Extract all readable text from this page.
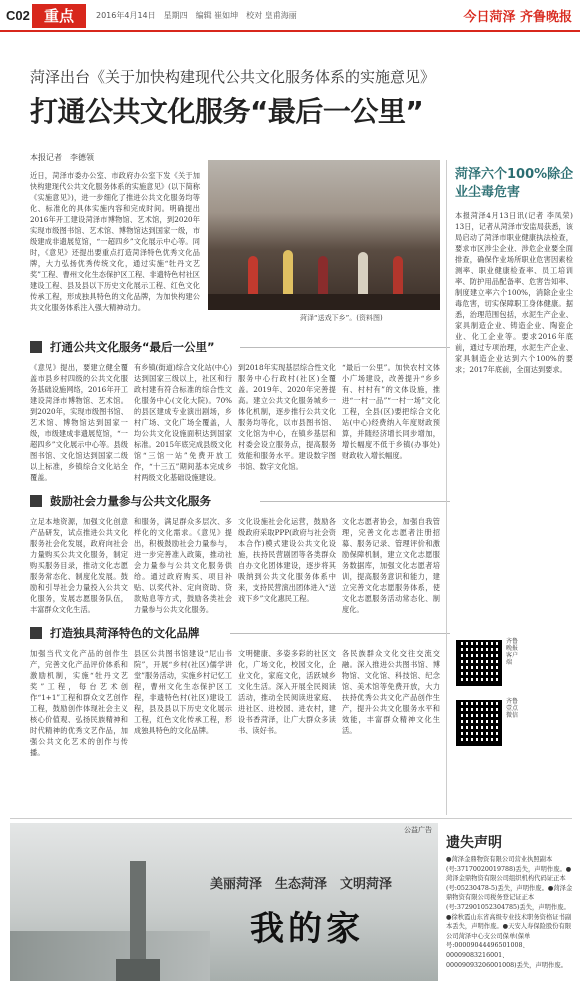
C02 重点	2016年4月14日　星期四　编辑 崔如坤　校对 皇甫海丽	今日菏泽 齐鲁晚报
菏泽出台《关于加快构建现代公共文化服务体系的实施意见》
打通公共文化服务“最后一公里”
本报记者　李德领
近日，菏泽市委办公室、市政府办公室下发《关于加快构建现代公共文化服务体系的实施意见》(以下简称《实施意见》)，进一步细化了推进公共文化服务均等化、标准化的具体实施内容和完成时间。明确提出2016年开工建设菏泽市博物馆、艺术馆，到2020年实现市级图书馆、艺术馆、博物馆达到国家一级，市级建成非遗展览馆，“一超四乡”文化展示中心等。同时，《意见》还提出要重点打造菏泽特色优秀文化品牌，大力弘扬优秀传统文化，通过实施“牡丹文艺奖”工程、曹州文化生态保护区工程、非遗特色村社区建设工程、县及县以下历史文化展示工程、红色文化传承工程，形成独具特色的文化品牌，为加快构建公共文化服务体系注入强大精神动力。
菏泽“送戏下乡”。(资料图)
打通公共文化服务“最后一公里”
《意见》提出，要建立健全覆盖市县乡村四级的公共文化服务基础设施网络，2016年开工建设菏泽市博物馆、艺术馆。到2020年，实现市级图书馆、艺术馆、博物馆达到国家一级，市级建成非遗展览馆，“一超四乡”文化展示中心等。县级图书馆、文化馆达到国家二级以上标准，乡镇综合文化站全覆盖。
有乡镇(街道)综合文化站(中心)达到国家三级以上，社区和行政村建有符合标准的综合性文化服务中心(文化大院)。70%的县区建成专业演出剧场，乡村广场、文化广场全覆盖，人均公共文化设施面积达到国家标准。2015年底完成县级文化馆“三馆一站”免费开放工作，“十三五”期间基本完成乡村两级文化基础设施建设。
到2018年实现基层综合性文化服务中心行政村(社区)全覆盖。2019年、2020年完善提高。建立公共文化服务城乡一体化机制，逐步推行公共文化服务均等化，以市县图书馆、文化馆为中心，在镇乡基层和村委会设立服务点，提高服务效能和服务水平。建设数字图书馆、数字文化馆。
“最后一公里”。加快农村文体小广场建设，改善提升“乡乡有、村村有”的文体设施，推进“一村一品”“一村一场”文化工程，全县(区)要把综合文化站(中心)经费纳入年度财政预算，并随经济增长同步增加，增长幅度不低于乡镇(办事处)财政收入增长幅度。
鼓励社会力量参与公共文化服务
立足本地资源，加强文化创意产品研发，试点推进公共文化服务社会化发展，政府向社会力量购买公共文化服务，制定购买服务目录，推动文化志愿服务常态化、制度化发展。鼓励和引导社会力量投入公共文化服务，发展志愿服务队伍，丰富群众文化生活。
和服务，满足群众多层次、多样化的文化需求。《意见》提出，积极鼓励社会力量参与，进一步完善准入政策，推动社会力量参与公共文化服务供给。通过政府购买、项目补贴、以奖代补、定向资助、贷款贴息等方式，鼓励各类社会力量参与公共文化服务。
文化设施社会化运营，鼓励各级政府采取PPP(政府与社会资本合作)模式建设公共文化设施，扶持民营剧团等各类群众自办文化团体建设，逐步将其吸纳到公共文化服务体系中来，支持民营演出团体进入“送戏下乡”文化惠民工程。
文化志愿者协会，加强自我管理，完善文化志愿者注册招募、服务记录、管理评价和激励保障机制，建立文化志愿服务数据库，加强文化志愿者培训，提高服务意识和能力，建立完善文化志愿服务体系，使文化志愿服务活动常态化、制度化。
打造独具菏泽特色的文化品牌
加强当代文化产品的创作生产，完善文化产品评价体系和激励机制，实施“牡丹文艺奖”工程，每台艺术创作“1+1”工程和群众文艺创作工程，鼓励创作体现社会主义核心价值观、弘扬民族精神和时代精神的优秀文艺作品，加强公共文化艺术的创作与传播。
县区公共图书馆建设“尼山书院”，开展“乡村(社区)儒学讲堂”服务活动，实施乡村记忆工程，曹州文化生态保护区工程，非遗特色村(社区)建设工程，县及县以下历史文化展示工程，红色文化传承工程，形成独具特色的文化品牌。
文明健康、多姿多彩的社区文化，广场文化，校园文化，企业文化，家庭文化，活跃城乡文化生活。深入开展全民阅读活动，推动全民阅读进家庭、进社区、进校园、进农村，建设书香菏泽，让广大群众多读书、读好书。
各民族群众文化交往交流交融。深入推进公共图书馆、博物馆、文化馆、科技馆、纪念馆、美术馆等免费开放，大力扶持优秀公共文化产品创作生产，提升公共文化服务水平和效能，丰富群众精神文化生活。
菏泽六个100%除企业尘毒危害
本报菏泽4月13日讯(记者 李凤荣) 13日，记者从菏泽市安监局获悉，该局启动了菏泽市职业健康执法检查，要求市区涉尘企业、涉危企业要全面排查，确保作业场所职业危害因素检测率、职业健康检查率、员工培训率、防护用品配备率、危害告知率、制度建立率六个100%，消除企业尘毒危害，切实保障职工身体健康。据悉，治理范围包括，水泥生产企业、家具制造企业、铸造企业、陶瓷企业、化工企业等。要求2016年底前，通过专项治理，水泥生产企业、家具制造企业达到六个100%的要求；2017年底前，全面达到要求。
齐鲁晚报客户端
齐鲁壹点微信
公益广告
美丽菏泽　生态菏泽　文明菏泽
我的家
遗失声明
●菏泽金鼎物资有限公司营业执照副本(号:37170020019788)丢失，声明作废。●菏泽金鼎物资有限公司组织机构代码证正本(号:05230478-5)丢失，声明作废。●菏泽金鼎物资有限公司税务登记证正本(号:372901052304785)丢失，声明作废。●徐秋霞山东省高级专业技术职务资格证书副本丢失，声明作废。●天安人寿保险股份有限公司菏泽中心支公司保单(保单号:00009044496501008、00009083216001、00009093206001008)丢失，声明作废。
